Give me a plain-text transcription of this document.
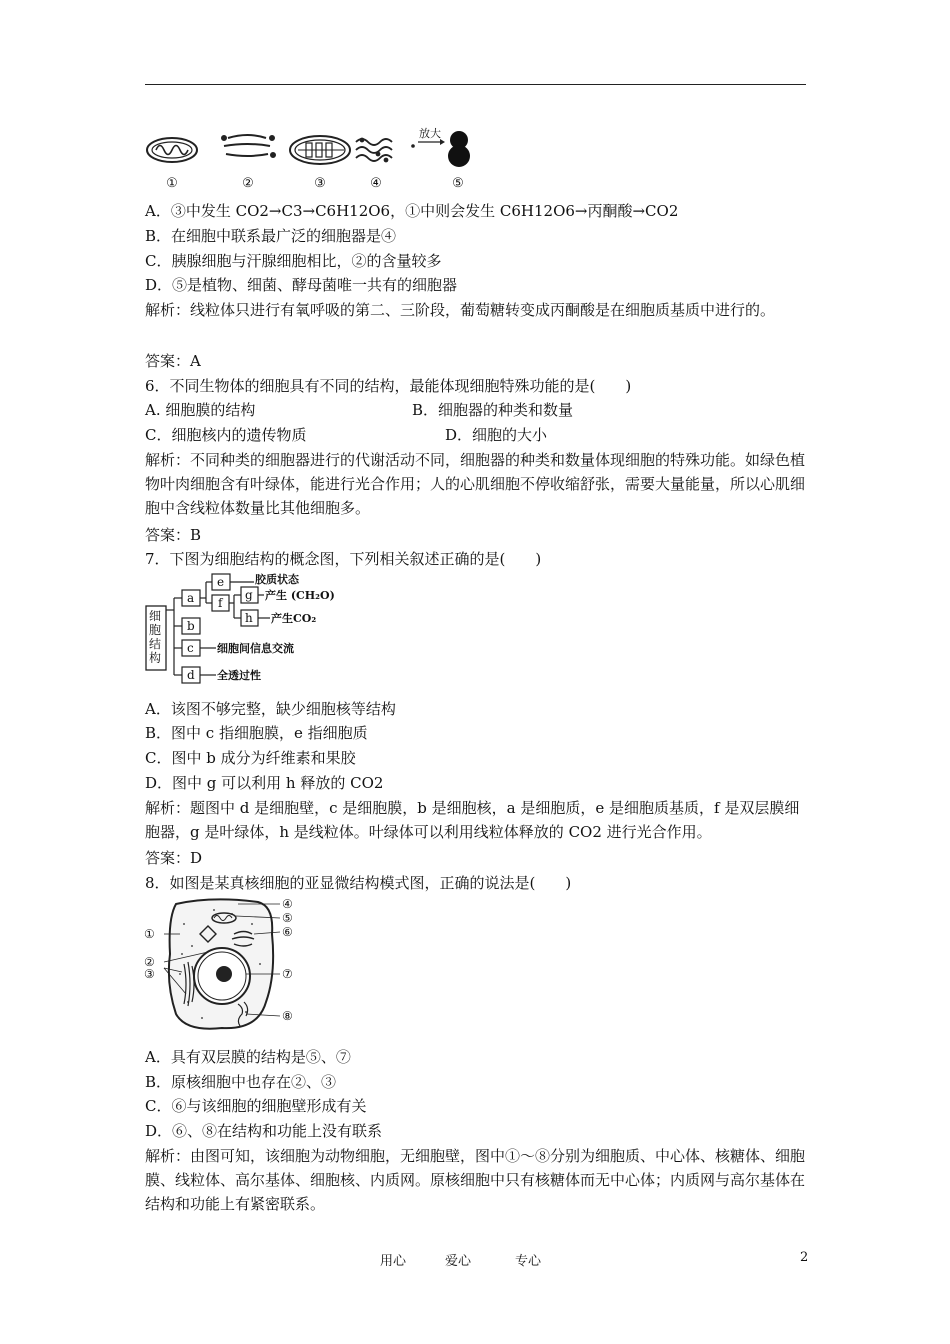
放大
①	②	③	④	⑤
A．③中发生 CO2→C3→C6H12O6，①中则会发生 C6H12O6→丙酮酸→CO2
B．在细胞中联系最广泛的细胞器是④
C．胰腺细胞与汗腺细胞相比，②的含量较多
D．⑤是植物、细菌、酵母菌唯一共有的细胞器
解析：线粒体只进行有氧呼吸的第二、三阶段，葡萄糖转变成丙酮酸是在细胞质基质中进行的。
答案：A
6．不同生物体的细胞具有不同的结构，最能体现细胞特殊功能的是(　　)
A. 细胞膜的结构	B．细胞器的种类和数量
C．细胞核内的遗传物质	D．细胞的大小
解析：不同种类的细胞器进行的代谢活动不同，细胞器的种类和数量体现细胞的特殊功能。如绿色植物叶肉细胞含有叶绿体，能进行光合作用；人的心肌细胞不停收缩舒张，需要大量能量，所以心肌细胞中含线粒体数量比其他细胞多。
答案：B
7．下图为细胞结构的概念图，下列相关叙述正确的是(　　)
细胞结构
a
b
c
d
e
f
g
h
胶质状态
产生 (CH₂O)
产生CO₂
细胞间信息交流
全透过性
A．该图不够完整，缺少细胞核等结构
B．图中 c 指细胞膜，e 指细胞质
C．图中 b 成分为纤维素和果胶
D．图中 g 可以利用 h 释放的 CO2
解析：题图中 d 是细胞壁，c 是细胞膜，b 是细胞核，a 是细胞质，e 是细胞质基质，f 是双层膜细胞器，g 是叶绿体，h 是线粒体。叶绿体可以利用线粒体释放的 CO2 进行光合作用。
答案：D
8．如图是某真核细胞的亚显微结构模式图，正确的说法是(　　)
①
②
③
④
⑤
⑥
⑦
⑧
A．具有双层膜的结构是⑤、⑦
B．原核细胞中也存在②、③
C．⑥与该细胞的细胞壁形成有关
D．⑥、⑧在结构和功能上没有联系
解析：由图可知，该细胞为动物细胞，无细胞壁，图中①～⑧分别为细胞质、中心体、核糖体、细胞膜、线粒体、高尔基体、细胞核、内质网。原核细胞中只有核糖体而无中心体；内质网与高尔基体在结构和功能上有紧密联系。
用心	爱心	专心	2
